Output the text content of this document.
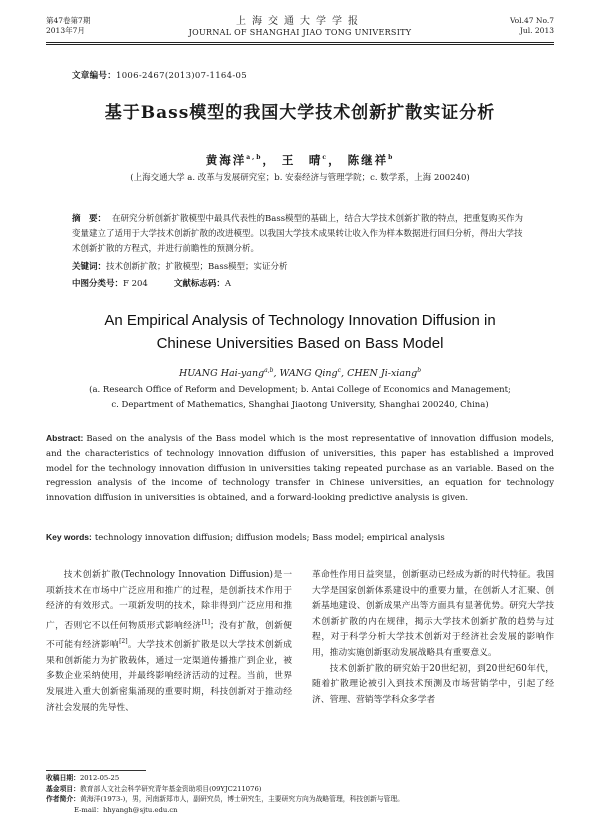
第47卷第7期
2013年7月
上海交通大学学报
JOURNAL OF SHANGHAI JIAO TONG UNIVERSITY
Vol.47 No.7
Jul. 2013
文章编号：1006-2467(2013)07-1164-05
基于Bass模型的我国大学技术创新扩散实证分析
黄海洋$^{a,b}$， 王　晴$^c$， 陈继祥$^b$
(上海交通大学 a. 改革与发展研究室；b. 安泰经济与管理学院；c. 数学系，上海 200240)
摘　要： 在研究分析创新扩散模型中最具代表性的Bass模型的基础上，结合大学技术创新扩散的特点，把重复购买作为变量建立了适用于大学技术创新扩散的改进模型。以我国大学技术成果转让收入作为样本数据进行回归分析，得出大学技术创新扩散的方程式，并进行前瞻性的预测分析。
关键词：技术创新扩散；扩散模型；Bass模型；实证分析
中图分类号：F 204	文献标志码：A
An Empirical Analysis of Technology Innovation Diffusion in
Chinese Universities Based on Bass Model
HUANG Hai-yang$^{a,b}$, WANG Qing$^c$, CHEN Ji-xiang$^b$
(a. Research Office of Reform and Development; b. Antai College of Economics and Management;
c. Department of Mathematics, Shanghai Jiaotong University, Shanghai 200240, China)
Abstract: Based on the analysis of the Bass model which is the most representative of innovation diffusion models, and the characteristics of technology innovation diffusion of universities, this paper has established a improved model for the technology innovation diffusion in universities taking repeated purchase as an variable. Based on the regression analysis of the income of technology transfer in Chinese universities, an equation for technology innovation diffusion in universities is obtained, and a forward-looking predictive analysis is given.
Key words: technology innovation diffusion; diffusion models; Bass model; empirical analysis

技术创新扩散(Technology Innovation Diffusion)是一项新技术在市场中广泛应用和推广的过程，是创新技术作用于经济的有效形式。一项新发明的技术，除非得到广泛应用和推广，否则它不以任何物质形式影响经济[1]；没有扩散，创新便不可能有经济影响[2]。大学技术创新扩散是以大学技术创新成果和创新能力为扩散载体，通过一定渠道传播推广到企业，被多数企业采纳使用，并最终影响经济活动的过程。当前，世界发展进入重大创新密集涌现的重要时期，科技创新对于推动经济社会发展的先导性、

革命性作用日益突显，创新驱动已经成为新的时代特征。我国大学是国家创新体系建设中的重要力量，在创新人才汇聚、创新基地建设、创新成果产出等方面具有显著优势。研究大学技术创新扩散的内在规律，揭示大学技术创新扩散的趋势与过程，对于科学分析大学技术创新对于经济社会发展的影响作用，推动实施创新驱动发展战略具有重要意义。

技术创新扩散的研究始于20世纪初，到20世纪60年代，随着扩散理论被引入到技术预测及市场营销学中，引起了经济、管理、营销等学科众多学者

收稿日期：2012-05-25
基金项目：教育部人文社会科学研究青年基金资助项目(09YJC211076)
作者简介：黄海洋(1973-)，男，河南新郑市人，副研究员，博士研究生，主要研究方向为战略管理，科技创新与管理。
E-mail：hhyangh@sjtu.edu.cn
